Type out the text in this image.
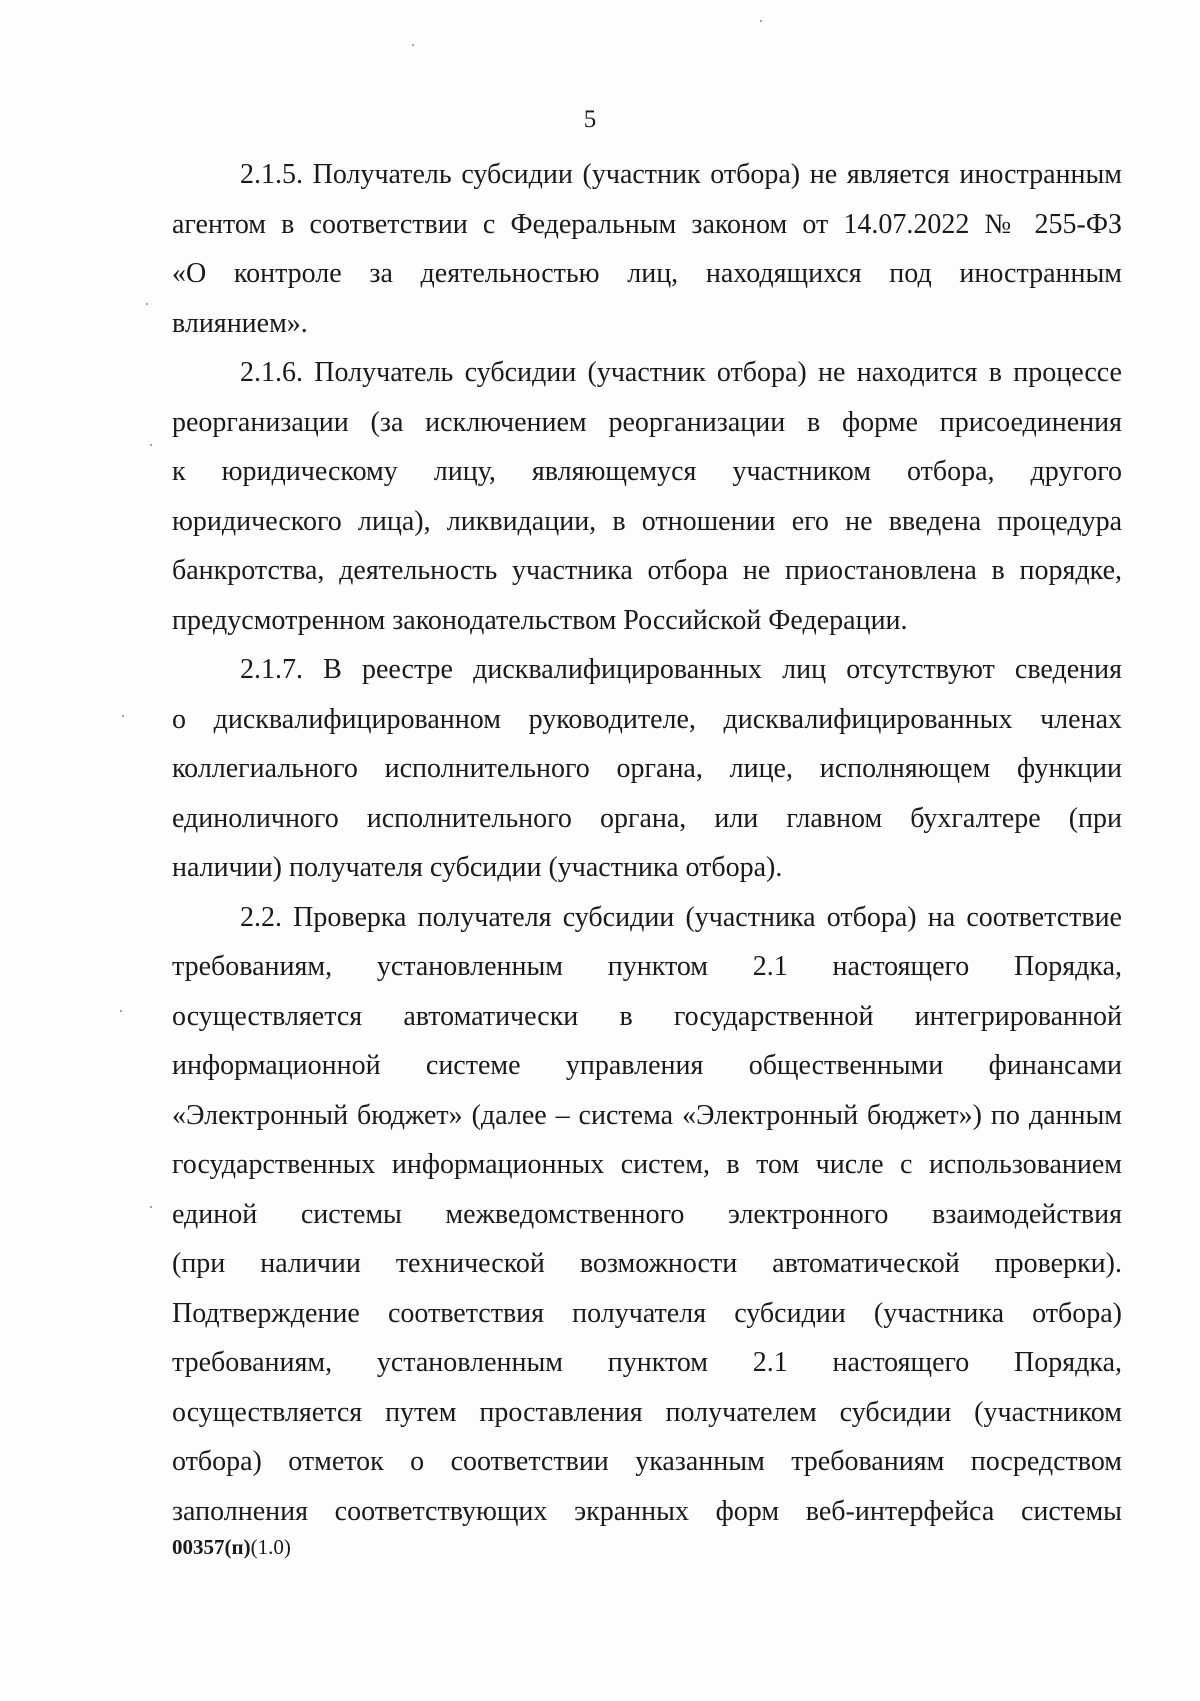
5
2.1.5. Получатель субсидии (участник отбора) не является иностранным
агентом в соответствии с Федеральным законом от 14.07.2022 № 255-ФЗ
«О контроле за деятельностью лиц, находящихся под иностранным
влиянием».
2.1.6. Получатель субсидии (участник отбора) не находится в процессе
реорганизации (за исключением реорганизации в форме присоединения
к юридическому лицу, являющемуся участником отбора, другого
юридического лица), ликвидации, в отношении его не введена процедура
банкротства, деятельность участника отбора не приостановлена в порядке,
предусмотренном законодательством Российской Федерации.
2.1.7. В реестре дисквалифицированных лиц отсутствуют сведения
о дисквалифицированном руководителе, дисквалифицированных членах
коллегиального исполнительного органа, лице, исполняющем функции
единоличного исполнительного органа, или главном бухгалтере (при
наличии) получателя субсидии (участника отбора).
2.2. Проверка получателя субсидии (участника отбора) на соответствие
требованиям, установленным пунктом 2.1 настоящего Порядка,
осуществляется автоматически в государственной интегрированной
информационной системе управления общественными финансами
«Электронный бюджет» (далее – система «Электронный бюджет») по данным
государственных информационных систем, в том числе с использованием
единой системы межведомственного электронного взаимодействия
(при наличии технической возможности автоматической проверки).
Подтверждение соответствия получателя субсидии (участника отбора)
требованиям, установленным пунктом 2.1 настоящего Порядка,
осуществляется путем проставления получателем субсидии (участником
отбора) отметок о соответствии указанным требованиям посредством
заполнения соответствующих экранных форм веб-интерфейса системы
00357(п)(1.0)
